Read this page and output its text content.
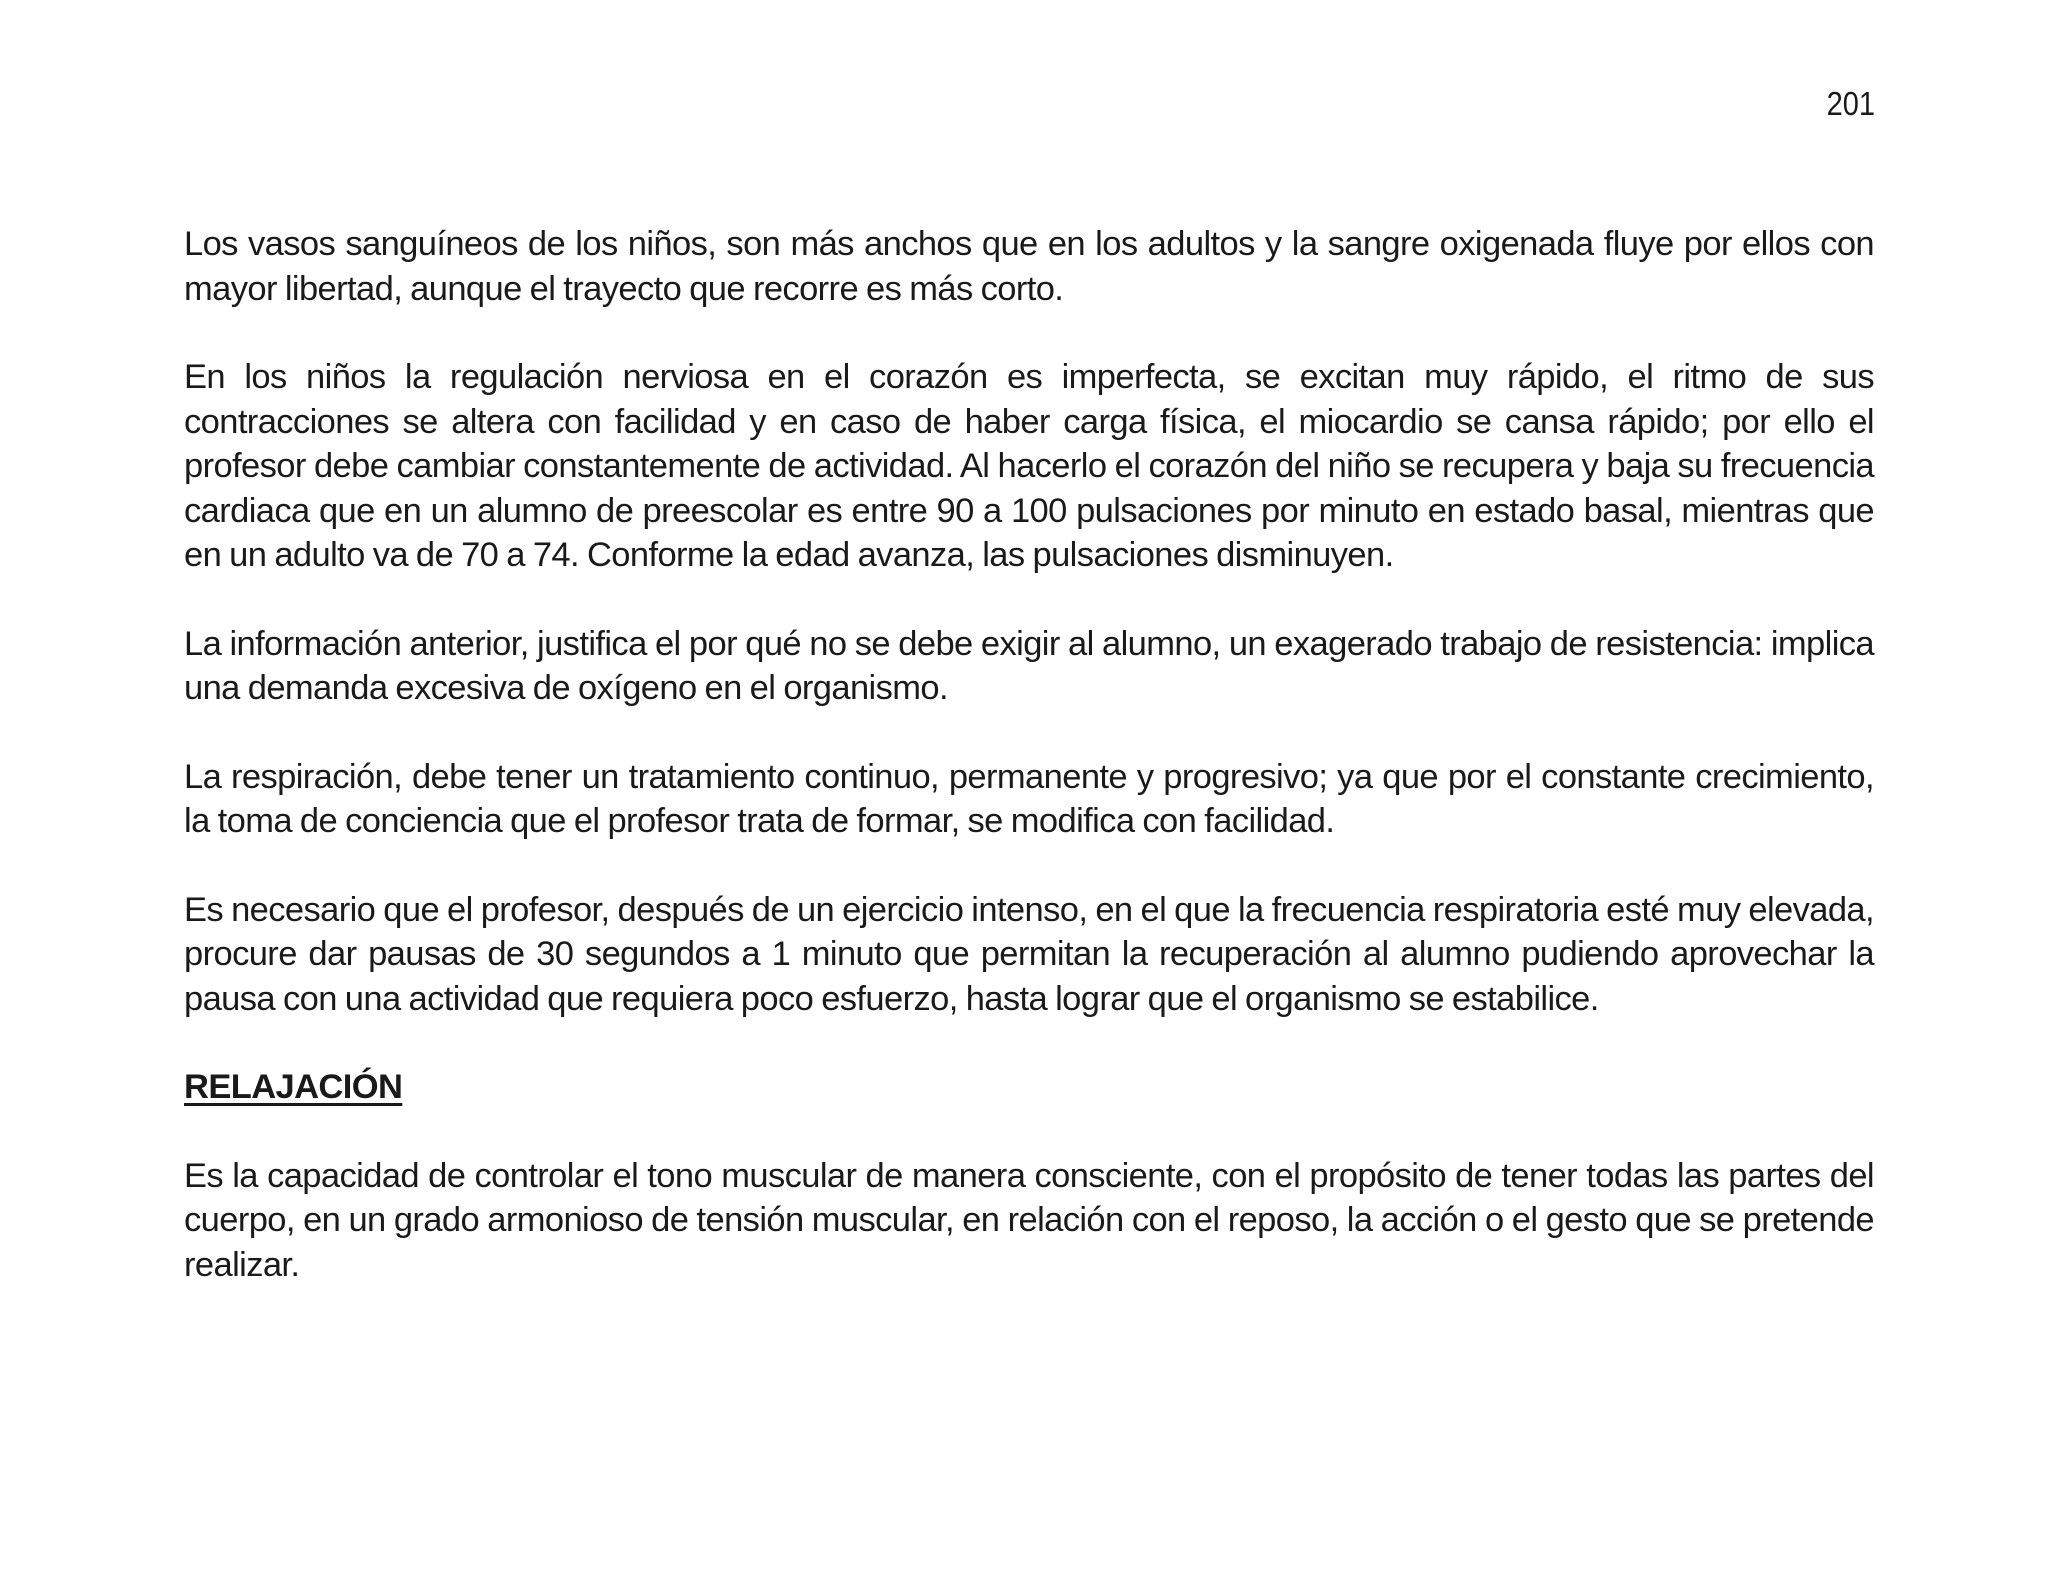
201

Los vasos sanguíneos de los niños, son más anchos que en los adultos y la sangre oxigenada fluye por ellos con mayor libertad, aunque el trayecto que recorre es más corto.

En los niños la regulación nerviosa en el corazón es imperfecta, se excitan muy rápido, el ritmo de sus contracciones se altera con facilidad y en caso de haber carga física, el miocardio se cansa rápido; por ello el profesor debe cambiar constantemente de actividad. Al hacerlo el corazón del niño se recupera y baja su frecuencia cardiaca que en un alumno de preescolar es entre 90 a 100 pulsaciones por minuto en estado basal, mientras que en un adulto va de 70 a 74. Conforme la edad avanza, las pulsaciones disminuyen.

La información anterior, justifica el por qué no se debe exigir al alumno, un exagerado trabajo de resistencia: implica una demanda excesiva de oxígeno en el organismo.

La respiración, debe tener un tratamiento continuo, permanente y progresivo; ya que por el constante crecimiento, la toma de conciencia que el profesor trata de formar, se modifica con facilidad.

Es necesario que el profesor, después de un ejercicio intenso, en el que la frecuencia respiratoria esté muy elevada, procure dar pausas de 30 segundos a 1 minuto que permitan la recuperación al alumno pudiendo aprovechar la pausa con una actividad que requiera poco esfuerzo, hasta lograr que el organismo se estabilice.

RELAJACIÓN

Es la capacidad de controlar el tono muscular de manera consciente, con el propósito de tener todas las partes del cuerpo, en un grado armonioso de tensión muscular, en relación con el reposo, la acción o el gesto que se pretende realizar.
